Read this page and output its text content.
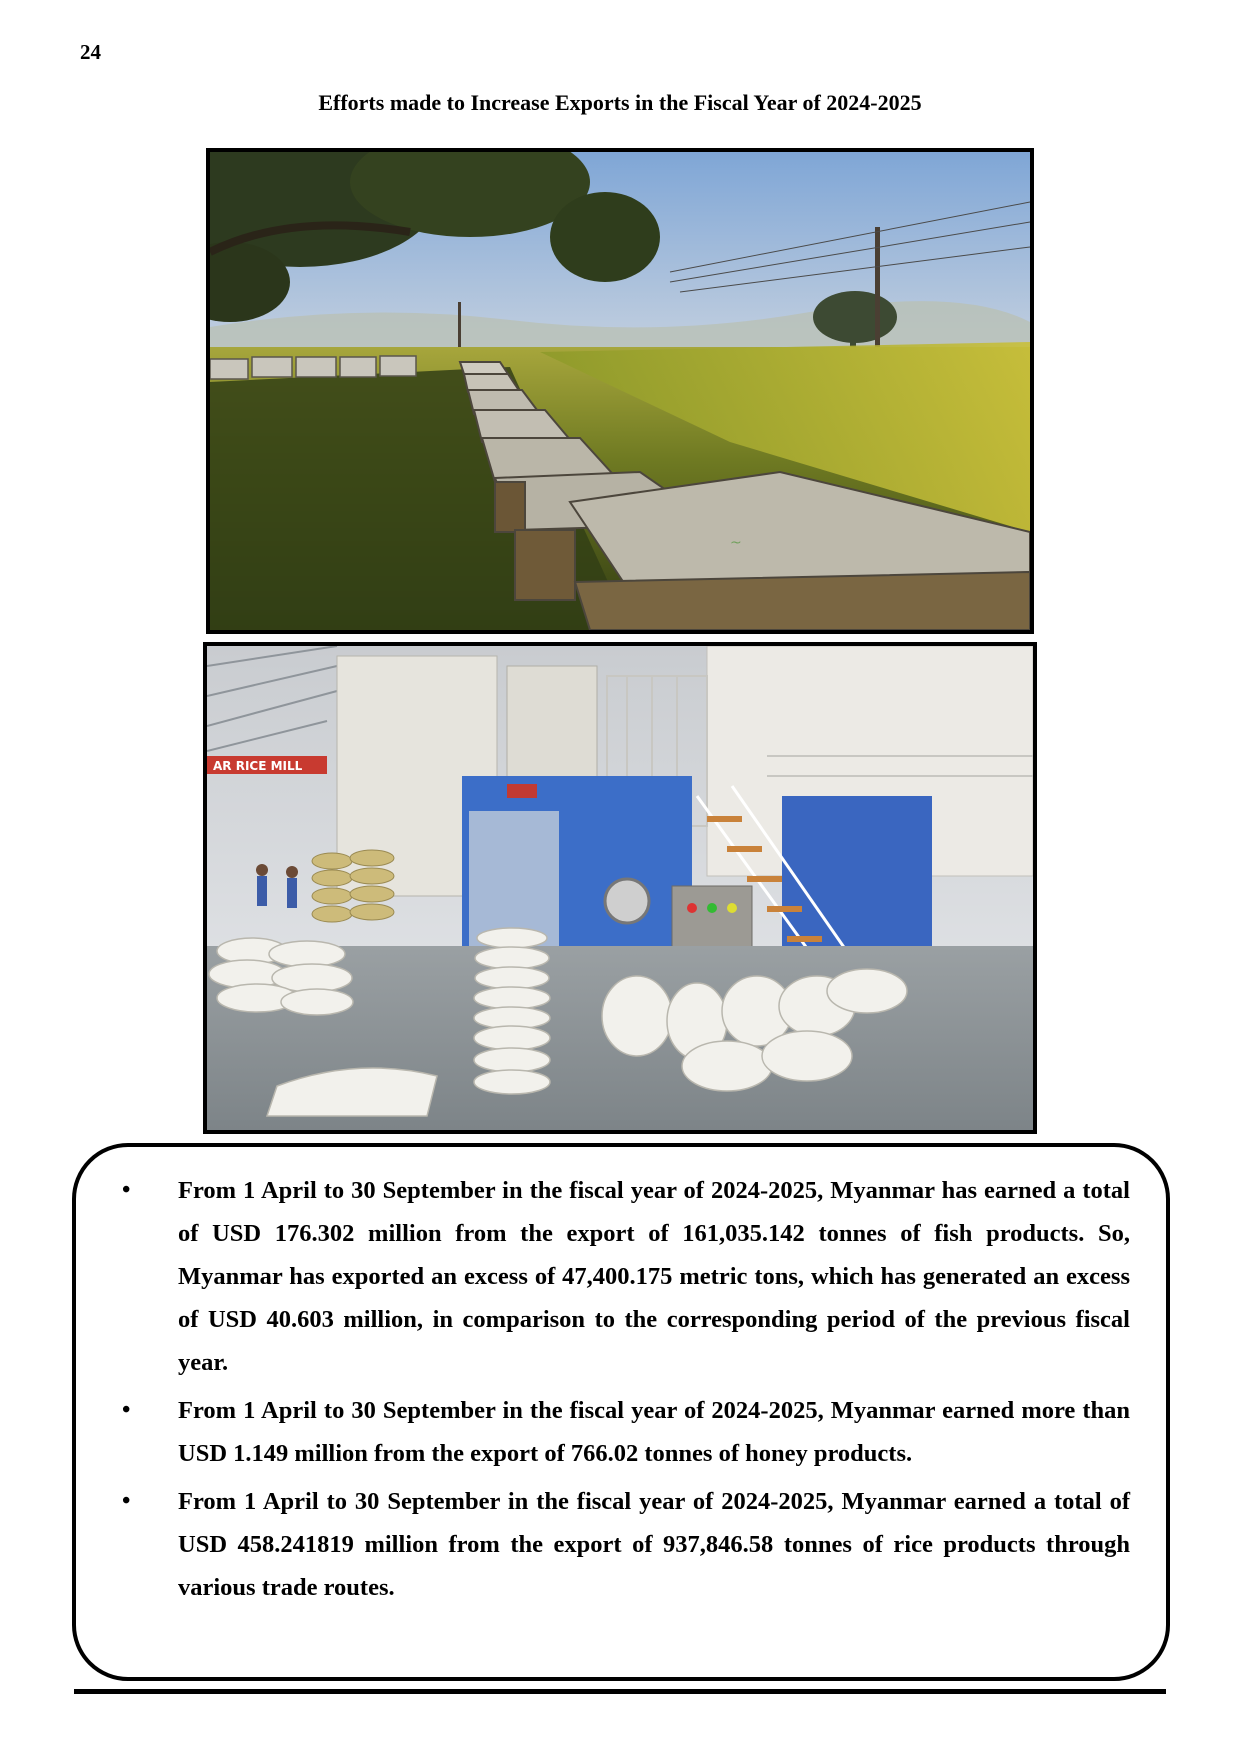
24
Efforts made to Increase Exports in the Fiscal Year of 2024-2025
~
AR RICE MILL
• From 1 April to 30 September in the fiscal year of 2024-2025, Myanmar has earned a total of USD 176.302 million from the export of 161,035.142 tonnes of fish products. So, Myanmar has exported an excess of 47,400.175 metric tons, which has generated an excess of USD 40.603 million, in comparison to the corresponding period of the previous fiscal year.
• From 1 April to 30 September in the fiscal year of 2024-2025, Myanmar earned more than USD 1.149 million from the export of 766.02 tonnes of honey products.
• From 1 April to 30 September in the fiscal year of 2024-2025, Myanmar earned a total of USD 458.241819 million from the export of 937,846.58 tonnes of rice products through various trade routes.
